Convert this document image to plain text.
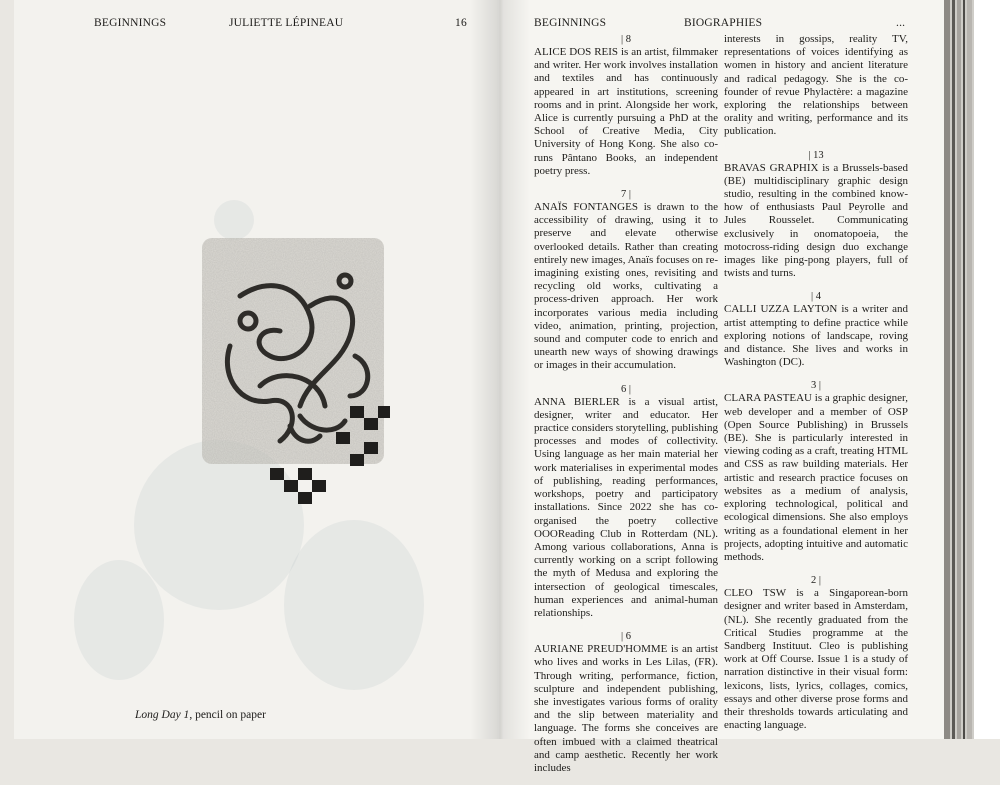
BEGINNINGS	JULIETTE LÉPINEAU	16
Long Day 1, pencil on paper
BEGINNINGS	BIOGRAPHIES	...
| 8

ALICE DOS REIS is an artist, filmmaker and writer. Her work involves installation and textiles and has continuously appeared in art institutions, screening rooms and in print. Alongside her work, Alice is currently pursuing a PhD at the School of Creative Media, City University of Hong Kong. She also co-runs Pântano Books, an independent poetry press.

7 |

ANAÏS FONTANGES is drawn to the accessibility of drawing, using it to preserve and elevate otherwise overlooked details. Rather than creating entirely new images, Anaïs focuses on re-imagining existing ones, revisiting and recycling old works, cultivating a process-driven approach. Her work incorporates various media including video, animation, printing, projection, sound and computer code to enrich and unearth new ways of showing drawings or images in their accumulation.

6 |

ANNA BIERLER is a visual artist, designer, writer and educator. Her practice considers storytelling, publishing processes and modes of collectivity. Using language as her main material her work materialises in experimental modes of publishing, reading performances, workshops, poetry and participatory installations. Since 2022 she has co-organised the poetry collective OOOReading Club in Rotterdam (NL). Among various collaborations, Anna is currently working on a script following the myth of Medusa and exploring the intersection of geological timescales, human experiences and animal-human relationships.

| 6

AURIANE PREUD'HOMME is an artist who lives and works in Les Lilas, (FR). Through writing, performance, fiction, sculpture and independent publishing, she investigates various forms of orality and the slip between materiality and language. The forms she conceives are often imbued with a claimed theatrical and camp aesthetic. Recently her work includes

interests in gossips, reality TV, representations of voices identifying as women in history and ancient literature and radical pedagogy. She is the co-founder of revue Phylactère: a magazine exploring the relationships between orality and writing, performance and its publication.

| 13

BRAVAS GRAPHIX is a Brussels-based (BE) multidisciplinary graphic design studio, resulting in the combined know-how of enthusiasts Paul Peyrolle and Jules Rousselet. Communicating exclusively in onomatopoeia, the motocross-riding design duo exchange images like ping-pong players, full of twists and turns.

| 4

CALLI UZZA LAYTON is a writer and artist attempting to define practice while exploring notions of landscape, roving and distance. She lives and works in Washington (DC).

3 |

CLARA PASTEAU is a graphic designer, web developer and a member of OSP (Open Source Publishing) in Brussels (BE). She is particularly interested in viewing coding as a craft, treating HTML and CSS as raw building materials. Her artistic and research practice focuses on websites as a medium of analysis, exploring technological, political and ecological dimensions. She also employs writing as a foundational element in her projects, adopting intuitive and automatic methods.

2 |

CLEO TSW is a Singaporean-born designer and writer based in Amsterdam, (NL). She recently graduated from the Critical Studies programme at the Sandberg Instituut. Cleo is publishing work at Off Course. Issue 1 is a study of narration distinctive in their visual form: lexicons, lists, lyrics, collages, comics, essays and other diverse prose forms and their thresholds towards articulating and enacting language.
